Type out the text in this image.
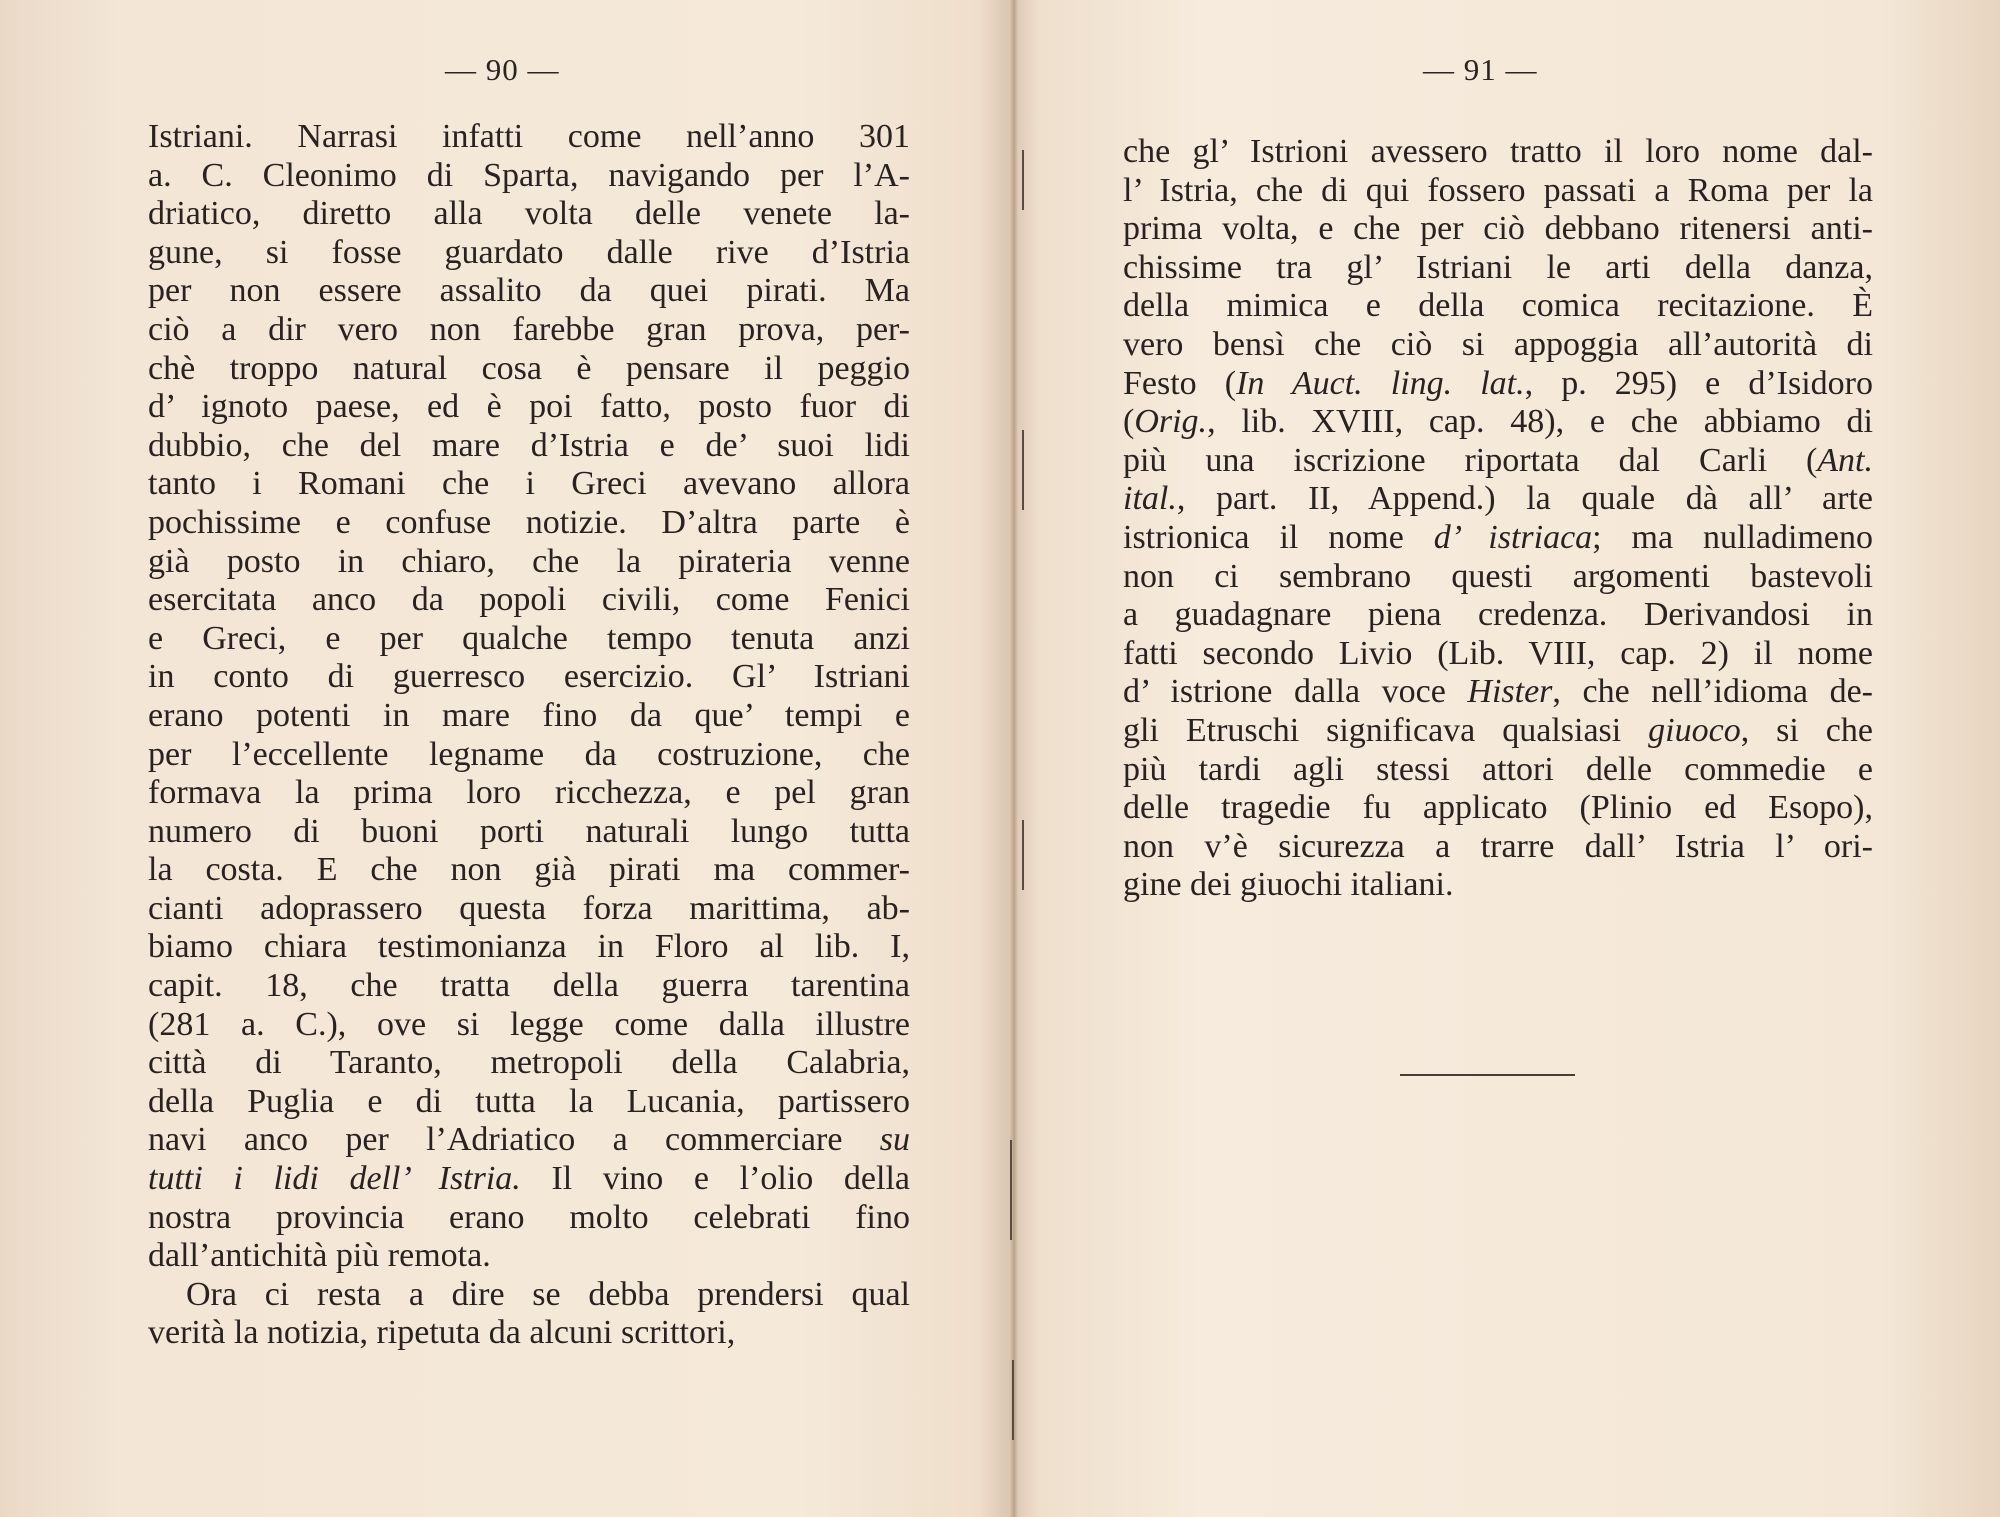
— 90 —
Istriani. Narrasi infatti come nell’anno 301
a. C. Cleonimo di Sparta, navigando per l’A-
driatico, diretto alla volta delle venete la-
gune, si fosse guardato dalle rive d’Istria
per non essere assalito da quei pirati. Ma
ciò a dir vero non farebbe gran prova, per-
chè troppo natural cosa è pensare il peggio
d’ ignoto paese, ed è poi fatto, posto fuor di
dubbio, che del mare d’Istria e de’ suoi lidi
tanto i Romani che i Greci avevano allora
pochissime e confuse notizie. D’altra parte è
già posto in chiaro, che la pirateria venne
esercitata anco da popoli civili, come Fenici
e Greci, e per qualche tempo tenuta anzi
in conto di guerresco esercizio. Gl’ Istriani
erano potenti in mare fino da que’ tempi e
per l’eccellente legname da costruzione, che
formava la prima loro ricchezza, e pel gran
numero di buoni porti naturali lungo tutta
la costa. E che non già pirati ma commer-
cianti adoprassero questa forza marittima, ab-
biamo chiara testimonianza in Floro al lib. I,
capit. 18, che tratta della guerra tarentina
(281 a. C.), ove si legge come dalla illustre
città di Taranto, metropoli della Calabria,
della Puglia e di tutta la Lucania, partissero
navi anco per l’Adriatico a commerciare su
tutti i lidi dell’ Istria. Il vino e l’olio della
nostra provincia erano molto celebrati fino
dall’antichità più remota.
Ora ci resta a dire se debba prendersi qual
verità la notizia, ripetuta da alcuni scrittori,
— 91 —
che gl’ Istrioni avessero tratto il loro nome dal-
l’ Istria, che di qui fossero passati a Roma per la
prima volta, e che per ciò debbano ritenersi anti-
chissime tra gl’ Istriani le arti della danza,
della mimica e della comica recitazione. È
vero bensì che ciò si appoggia all’autorità di
Festo (In Auct. ling. lat., p. 295) e d’Isidoro
(Orig., lib. XVIII, cap. 48), e che abbiamo di
più una iscrizione riportata dal Carli (Ant.
ital., part. II, Append.) la quale dà all’ arte
istrionica il nome d’ istriaca; ma nulladimeno
non ci sembrano questi argomenti bastevoli
a guadagnare piena credenza. Derivandosi in
fatti secondo Livio (Lib. VIII, cap. 2) il nome
d’ istrione dalla voce Hister, che nell’idioma de-
gli Etruschi significava qualsiasi giuoco, si che
più tardi agli stessi attori delle commedie e
delle tragedie fu applicato (Plinio ed Esopo),
non v’è sicurezza a trarre dall’ Istria l’ ori-
gine dei giuochi italiani.
